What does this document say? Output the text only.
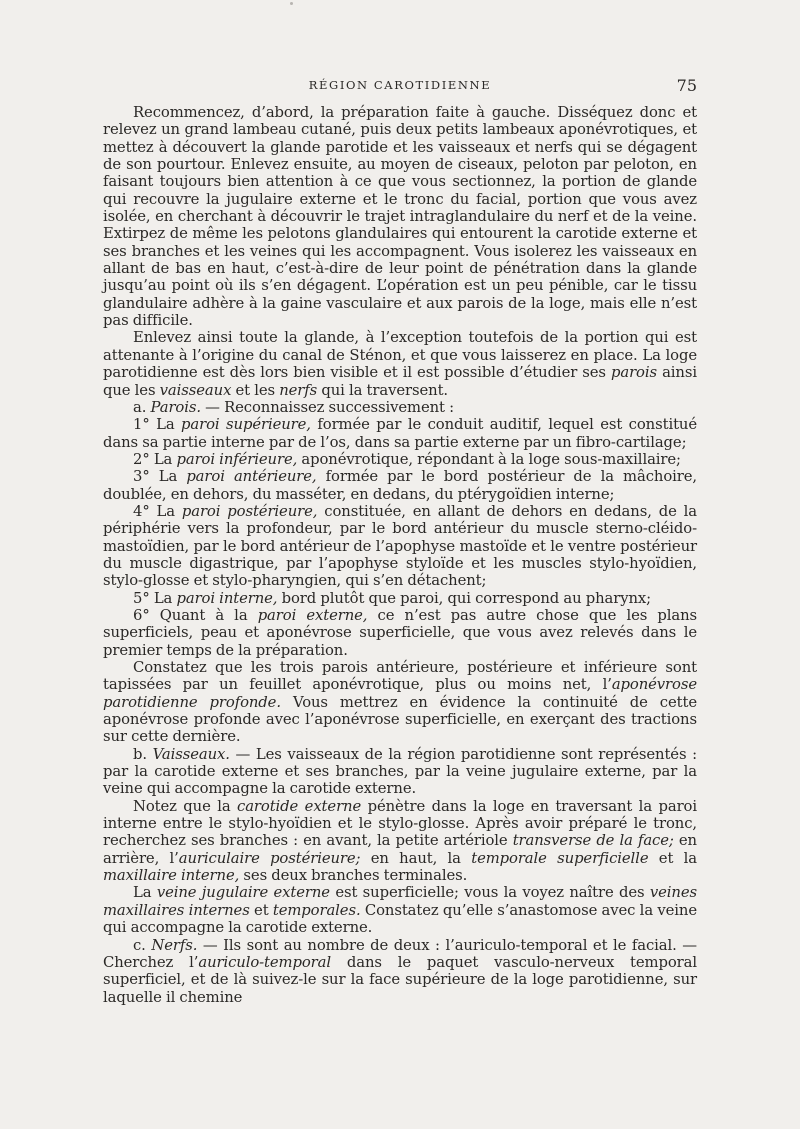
RÉGION CAROTIDIENNE	75

Recommencez, d’abord, la préparation faite à gauche. Disséquez donc et relevez un grand lambeau cutané, puis deux petits lambeaux aponévrotiques, et mettez à découvert la glande parotide et les vaisseaux et nerfs qui se dégagent de son pourtour. Enlevez ensuite, au moyen de ciseaux, peloton par peloton, en faisant toujours bien attention à ce que vous sectionnez, la portion de glande qui recouvre la jugulaire externe et le tronc du facial, portion que vous avez isolée, en cherchant à découvrir le trajet intraglandulaire du nerf et de la veine. Extirpez de même les pelotons glandulaires qui entourent la carotide externe et ses branches et les veines qui les accompagnent. Vous isolerez les vaisseaux en allant de bas en haut, c’est-à-dire de leur point de pénétration dans la glande jusqu’au point où ils s’en dégagent. L’opération est un peu pénible, car le tissu glandulaire adhère à la gaine vasculaire et aux parois de la loge, mais elle n’est pas difficile.

Enlevez ainsi toute la glande, à l’exception toutefois de la portion qui est attenante à l’origine du canal de Sténon, et que vous laisserez en place. La loge parotidienne est dès lors bien visible et il est possible d’étudier ses parois ainsi que les vaisseaux et les nerfs qui la traversent.

a. Parois. — Reconnaissez successivement :

1° La paroi supérieure, formée par le conduit auditif, lequel est constitué dans sa partie interne par de l’os, dans sa partie externe par un fibro-cartilage;

2° La paroi inférieure, aponévrotique, répondant à la loge sous-maxillaire;

3° La paroi antérieure, formée par le bord postérieur de la mâchoire, doublée, en dehors, du masséter, en dedans, du ptérygoïdien interne;

4° La paroi postérieure, constituée, en allant de dehors en dedans, de la périphérie vers la profondeur, par le bord antérieur du muscle sterno-cléido-mastoïdien, par le bord antérieur de l’apophyse mastoïde et le ventre postérieur du muscle digastrique, par l’apophyse styloïde et les muscles stylo-hyoïdien, stylo-glosse et stylo-pharyngien, qui s’en détachent;

5° La paroi interne, bord plutôt que paroi, qui correspond au pharynx;

6° Quant à la paroi externe, ce n’est pas autre chose que les plans superficiels, peau et aponévrose superficielle, que vous avez relevés dans le premier temps de la préparation.

Constatez que les trois parois antérieure, postérieure et inférieure sont tapissées par un feuillet aponévrotique, plus ou moins net, l’aponévrose parotidienne profonde. Vous mettrez en évidence la continuité de cette aponévrose profonde avec l’aponévrose superficielle, en exerçant des tractions sur cette dernière.

b. Vaisseaux. — Les vaisseaux de la région parotidienne sont représentés : par la carotide externe et ses branches, par la veine jugulaire externe, par la veine qui accompagne la carotide externe.

Notez que la carotide externe pénètre dans la loge en traversant la paroi interne entre le stylo-hyoïdien et le stylo-glosse. Après avoir préparé le tronc, recherchez ses branches : en avant, la petite artériole transverse de la face; en arrière, l’auriculaire postérieure; en haut, la temporale superficielle et la maxillaire interne, ses deux branches terminales.

La veine jugulaire externe est superficielle; vous la voyez naître des veines maxillaires internes et temporales. Constatez qu’elle s’anastomose avec la veine qui accompagne la carotide externe.

c. Nerfs. — Ils sont au nombre de deux : l’auriculo-temporal et le facial. — Cherchez l’auriculo-temporal dans le paquet vasculo-nerveux temporal superficiel, et de là suivez-le sur la face supérieure de la loge parotidienne, sur laquelle il chemine
